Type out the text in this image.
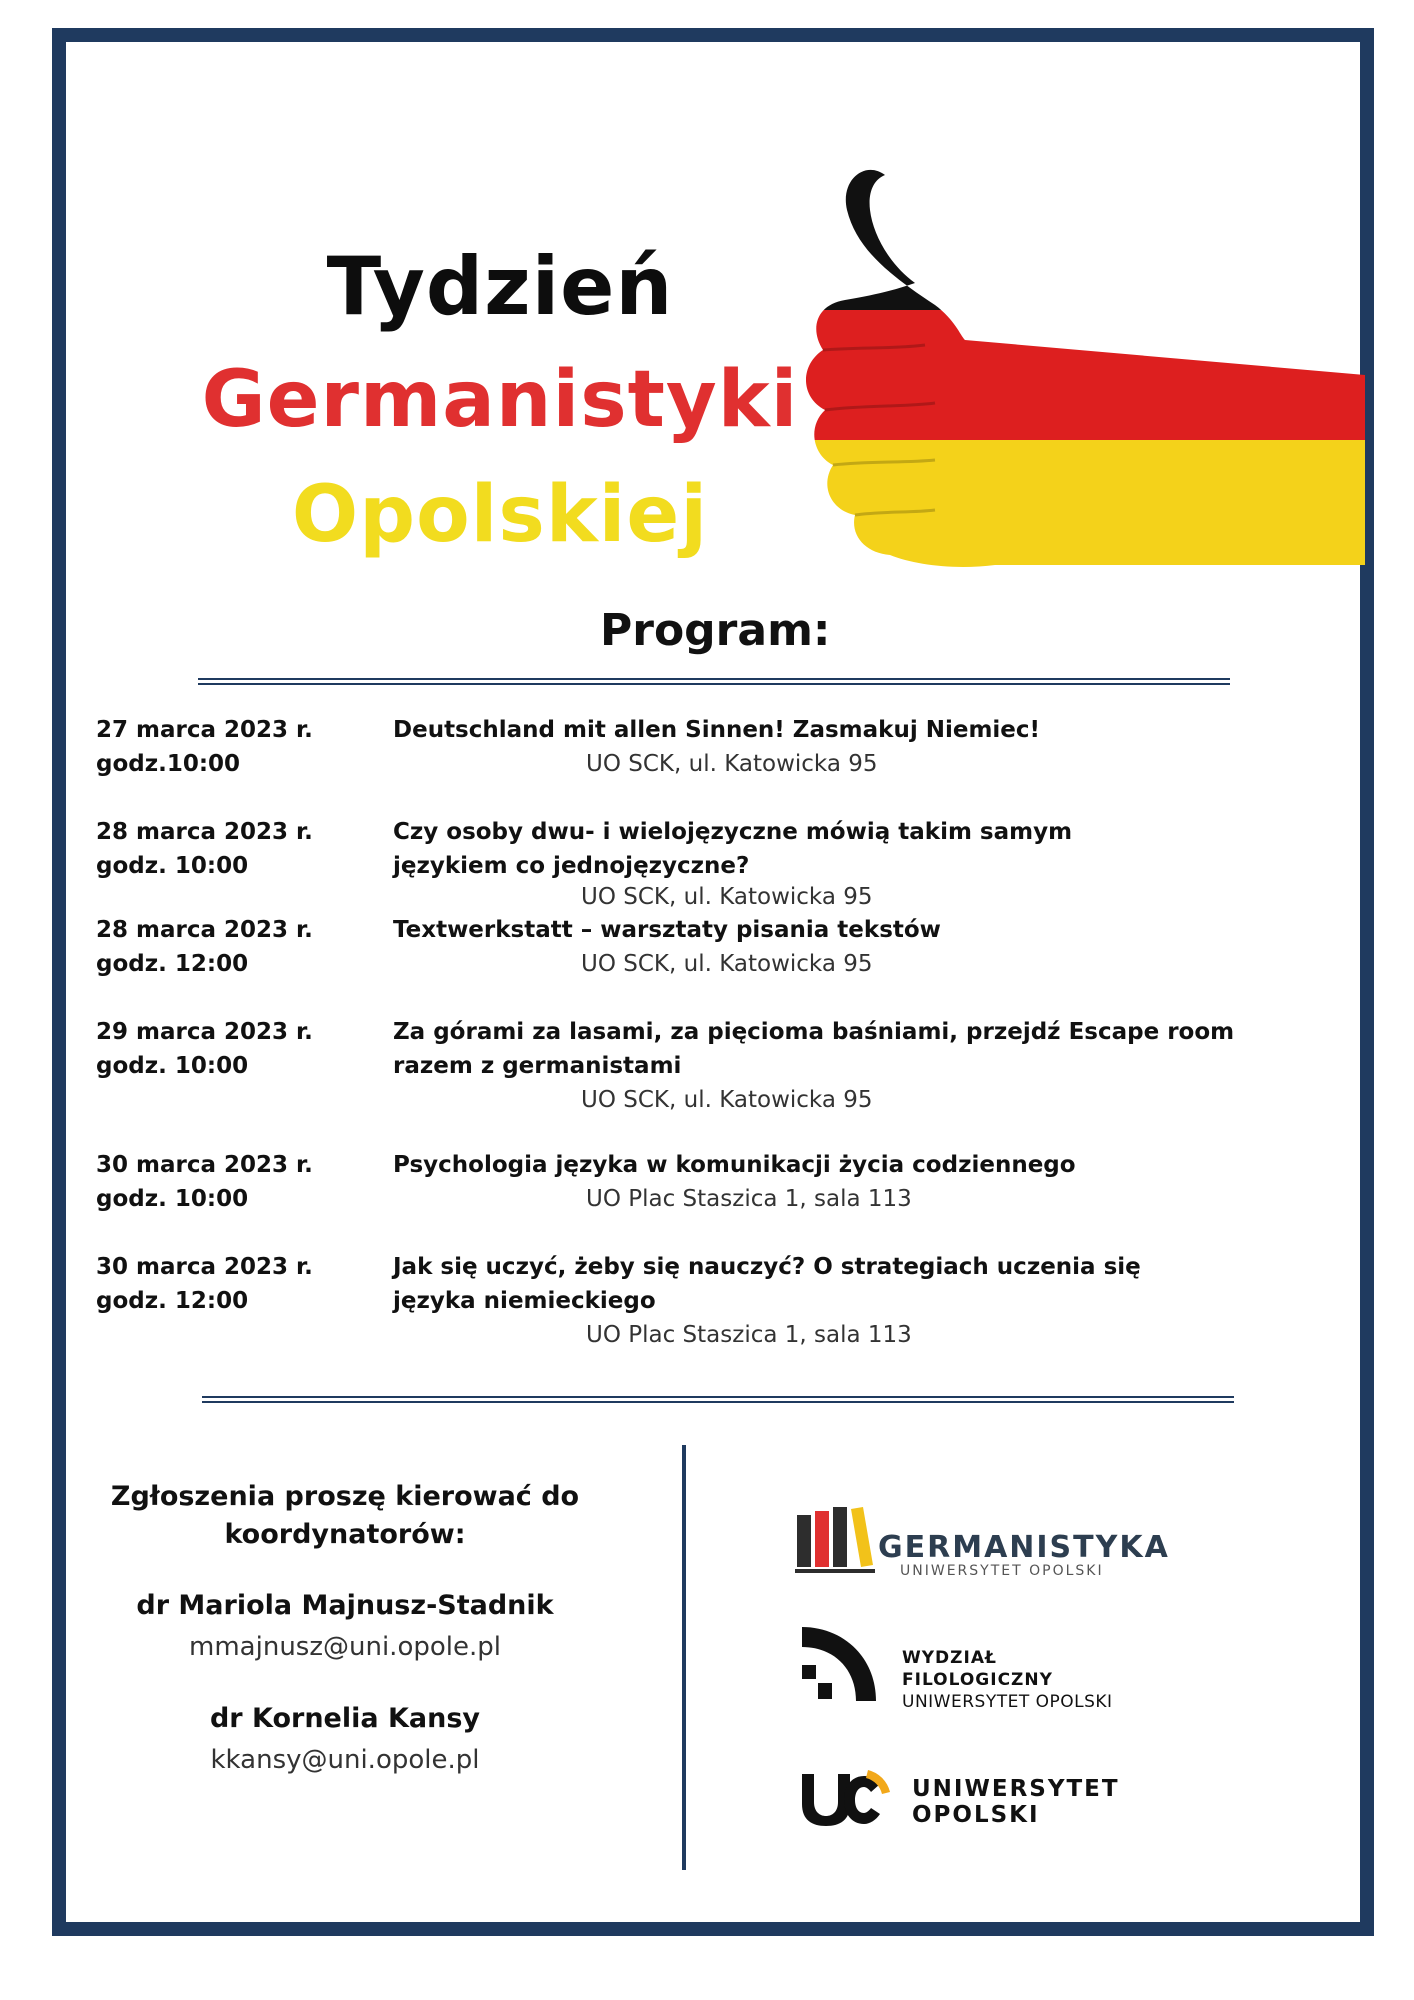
Tydzień
Germanistyki
Opolskiej
Program:
27 marca 2023 r.
godz.10:00
Deutschland mit allen Sinnen! Zasmakuj Niemiec!
UO SCK, ul. Katowicka 95
28 marca 2023 r.
godz. 10:00
Czy osoby dwu- i wielojęzyczne mówią takim samym językiem co jednojęzyczne?
UO SCK, ul. Katowicka 95
28 marca 2023 r.
godz. 12:00
Textwerkstatt – warsztaty pisania tekstów
UO SCK, ul. Katowicka 95
29 marca 2023 r.
godz. 10:00
Za górami za lasami, za pięcioma baśniami, przejdź Escape room razem z germanistami
UO SCK, ul. Katowicka 95
30 marca 2023 r.
godz. 10:00
Psychologia języka w komunikacji życia codziennego
UO Plac Staszica 1, sala 113
30 marca 2023 r.
godz. 12:00
Jak się uczyć, żeby się nauczyć? O strategiach uczenia się języka niemieckiego
UO Plac Staszica 1, sala 113
Zgłoszenia proszę kierować do
koordynatorów:
dr Mariola Majnusz-Stadnik
mmajnusz@uni.opole.pl
dr Kornelia Kansy
kkansy@uni.opole.pl
GERMANISTYKA
UNIWERSYTET OPOLSKI
WYDZIAŁ
FILOLOGICZNY
UNIWERSYTET OPOLSKI
UNIWERSYTET
OPOLSKI
